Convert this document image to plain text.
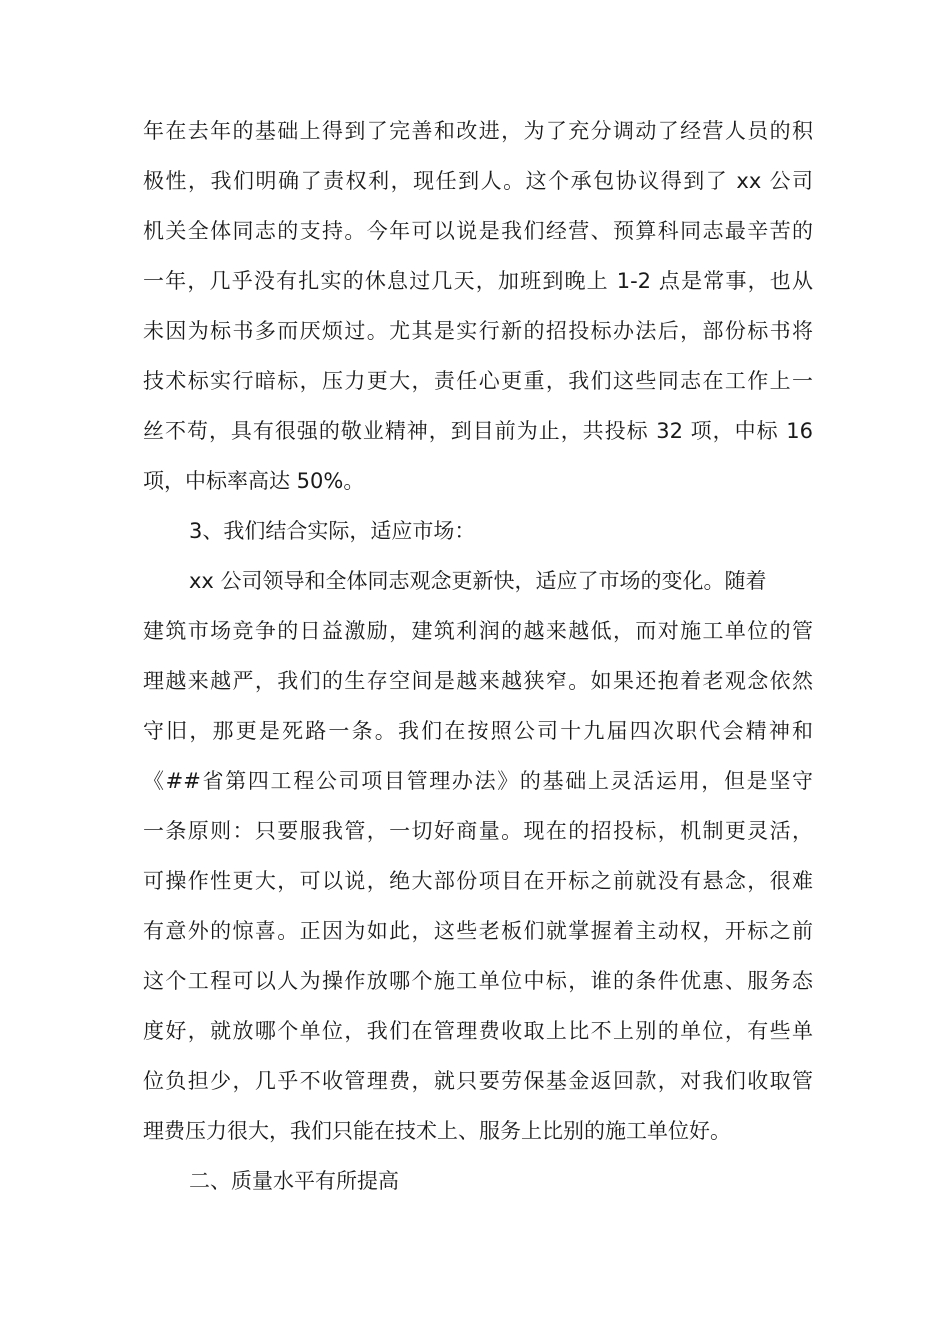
年在去年的基础上得到了完善和改进，为了充分调动了经营人员的积
极性，我们明确了责权利，现任到人。这个承包协议得到了 xx 公司
机关全体同志的支持。今年可以说是我们经营、预算科同志最辛苦的
一年，几乎没有扎实的休息过几天，加班到晚上 1-2 点是常事，也从
未因为标书多而厌烦过。尤其是实行新的招投标办法后，部份标书将
技术标实行暗标，压力更大，责任心更重，我们这些同志在工作上一
丝不苟，具有很强的敬业精神，到目前为止，共投标 32 项，中标 16
项，中标率高达 50%。
3、我们结合实际，适应市场：
xx 公司领导和全体同志观念更新快，适应了市场的变化。随着
建筑市场竞争的日益激励，建筑利润的越来越低，而对施工单位的管
理越来越严，我们的生存空间是越来越狭窄。如果还抱着老观念依然
守旧，那更是死路一条。我们在按照公司十九届四次职代会精神和
《##省第四工程公司项目管理办法》的基础上灵活运用，但是坚守
一条原则：只要服我管，一切好商量。现在的招投标，机制更灵活，
可操作性更大，可以说，绝大部份项目在开标之前就没有悬念，很难
有意外的惊喜。正因为如此，这些老板们就掌握着主动权，开标之前
这个工程可以人为操作放哪个施工单位中标，谁的条件优惠、服务态
度好，就放哪个单位，我们在管理费收取上比不上别的单位，有些单
位负担少，几乎不收管理费，就只要劳保基金返回款，对我们收取管
理费压力很大，我们只能在技术上、服务上比别的施工单位好。
二、质量水平有所提高
